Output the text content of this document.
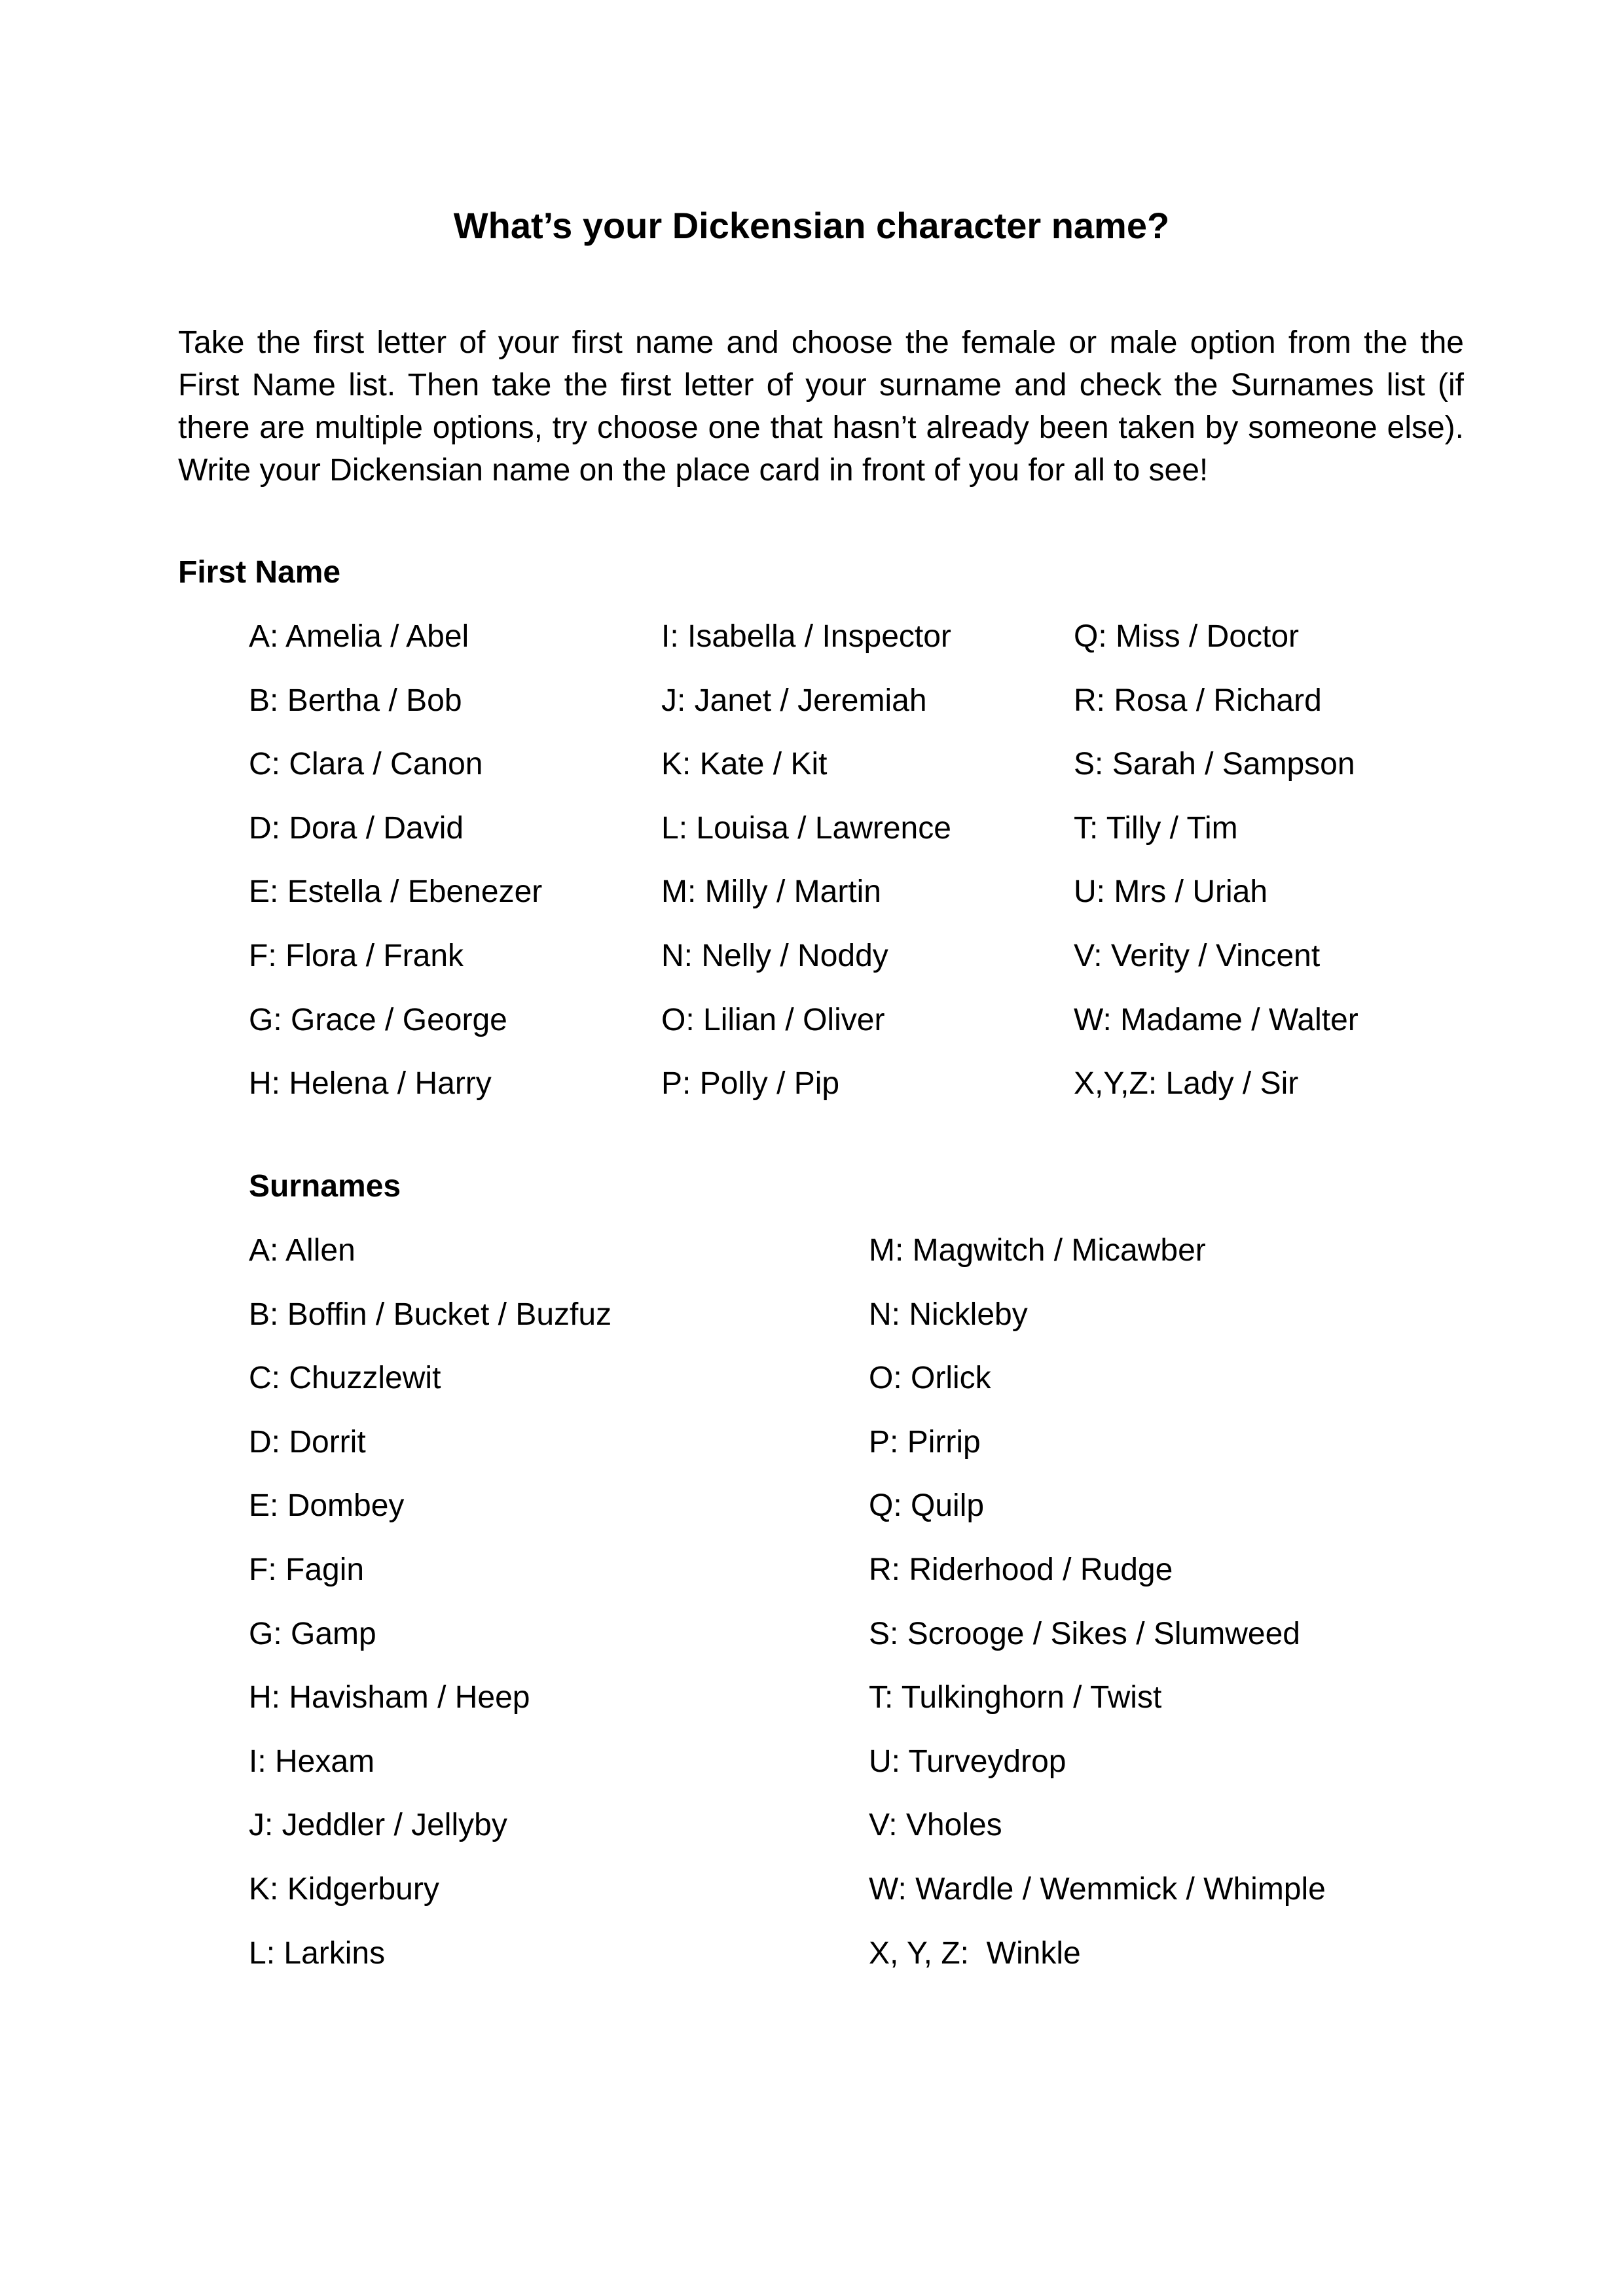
What’s your Dickensian character name?

Take the first letter of your first name and choose the female or male option from the the First Name list. Then take the first letter of your surname and check the Surnames list (if there are multiple options, try choose one that hasn’t already been taken by someone else). Write your Dickensian name on the place card in front of you for all to see!

First Name
A: Amelia / Abel
B: Bertha / Bob
C: Clara / Canon
D: Dora / David
E: Estella / Ebenezer
F: Flora / Frank
G: Grace / George
H: Helena / Harry
I: Isabella / Inspector
J: Janet / Jeremiah
K: Kate / Kit
L: Louisa / Lawrence
M: Milly / Martin
N: Nelly / Noddy
O: Lilian / Oliver
P: Polly / Pip
Q: Miss / Doctor
R: Rosa / Richard
S: Sarah / Sampson
T: Tilly / Tim
U: Mrs / Uriah
V: Verity / Vincent
W: Madame / Walter
X,Y,Z: Lady / Sir
Surnames
A: Allen
B: Boffin / Bucket / Buzfuz
C: Chuzzlewit
D: Dorrit
E: Dombey
F: Fagin
G: Gamp
H: Havisham / Heep
I: Hexam
J: Jeddler / Jellyby
K: Kidgerbury
L: Larkins
M: Magwitch / Micawber
N: Nickleby
O: Orlick
P: Pirrip
Q: Quilp
R: Riderhood / Rudge
S: Scrooge / Sikes / Slumweed
T: Tulkinghorn / Twist
U: Turveydrop
V: Vholes
W: Wardle / Wemmick / Whimple
X, Y, Z:  Winkle
